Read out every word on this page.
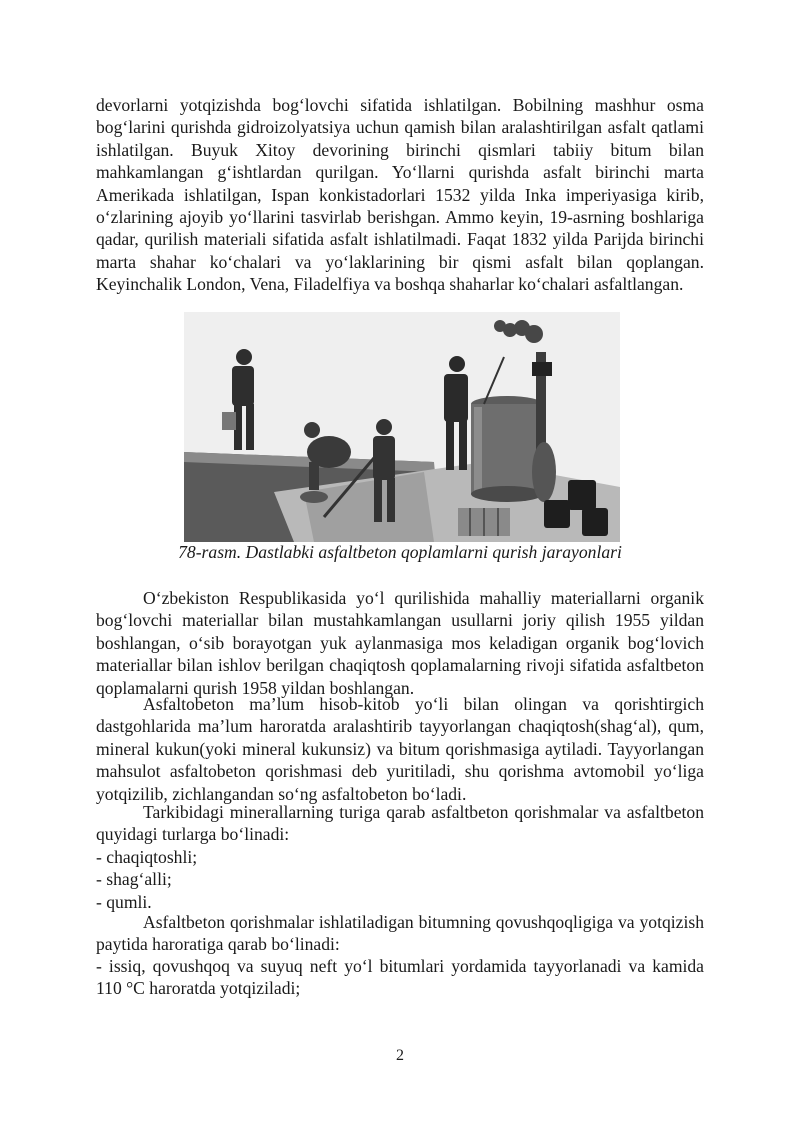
devorlarni yotqizishda bog‘lovchi sifatida ishlatilgan. Bobilning mashhur osma bog‘larini qurishda gidroizolyatsiya uchun qamish bilan aralashtirilgan asfalt qatlami ishlatilgan. Buyuk Xitoy devorining birinchi qismlari tabiiy bitum bilan mahkamlangan g‘ishtlardan qurilgan. Yo‘llarni qurishda asfalt birinchi marta Amerikada ishlatilgan, Ispan konkistadorlari 1532 yilda Inka imperiyasiga kirib, o‘zlarining ajoyib yo‘llarini tasvirlab berishgan. Ammo keyin, 19-asrning boshlariga qadar, qurilish materiali sifatida asfalt ishlatilmadi. Faqat 1832 yilda Parijda birinchi marta shahar ko‘chalari va yo‘laklarining bir qismi asfalt bilan qoplangan. Keyinchalik London, Vena, Filadelfiya va boshqa shaharlar ko‘chalari asfaltlangan.

78-rasm. Dastlabki asfaltbeton qoplamlarni qurish jarayonlari

O‘zbekiston Respublikasida yo‘l qurilishida mahalliy materiallarni organik bog‘lovchi materiallar bilan mustahkamlangan usullarni joriy qilish 1955 yildan boshlangan, o‘sib borayotgan yuk aylanmasiga mos keladigan organik bog‘lovich materiallar bilan ishlov berilgan chaqiqtosh qoplamalarning rivoji sifatida asfaltbeton qoplamalarni qurish 1958 yildan boshlangan.

Asfaltobeton ma’lum hisob-kitob yo‘li bilan olingan va qorishtirgich dastgohlarida ma’lum haroratda aralashtirib tayyorlangan chaqiqtosh(shag‘al), qum, mineral kukun(yoki mineral kukunsiz) va bitum qorishmasiga aytiladi. Tayyorlangan mahsulot asfaltobeton qorishmasi deb yuritiladi, shu qorishma avtomobil yo‘liga yotqizilib, zichlangandan so‘ng asfaltobeton bo‘ladi.

Tarkibidagi minerallarning turiga qarab asfaltbeton qorishmalar va asfaltbeton quyidagi turlarga bo‘linadi:

- chaqiqtoshli;

- shag‘alli;

- qumli.

Asfaltbeton qorishmalar ishlatiladigan bitumning qovushqoqligiga va yotqizish paytida haroratiga qarab bo‘linadi:

- issiq, qovushqoq va suyuq neft yo‘l bitumlari yordamida tayyorlanadi va kamida 110 °C haroratda yotqiziladi;

2
